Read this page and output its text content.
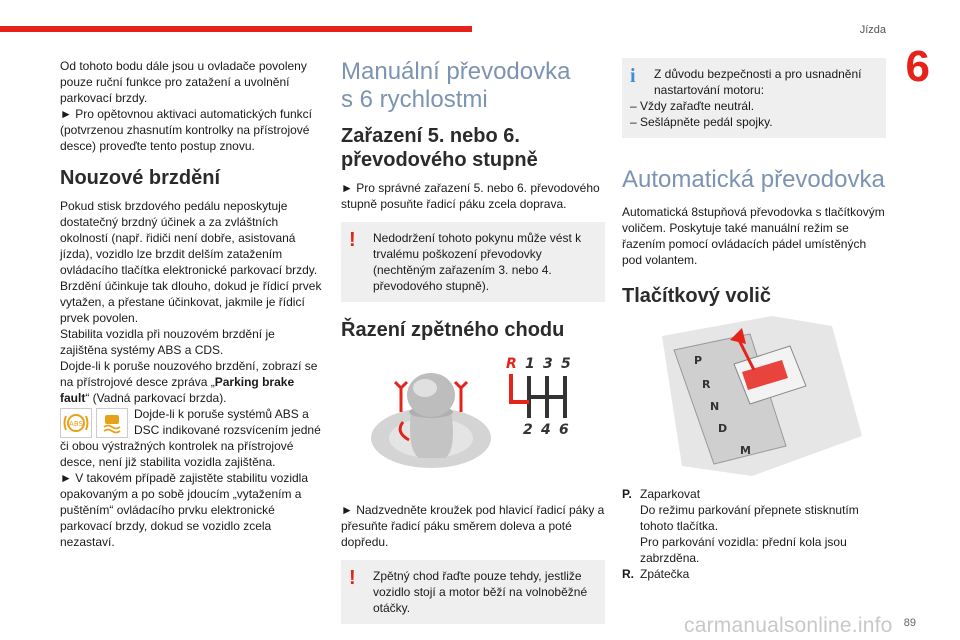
Jízda
6

Od tohoto bodu dále jsou u ovladače povoleny pouze ruční funkce pro zatažení a uvolnění parkovací brzdy.

► Pro opětovnou aktivaci automatických funkcí (potvrzenou zhasnutím kontrolky na přístrojové desce) proveďte tento postup znovu.

Nouzové brzdění

Pokud stisk brzdového pedálu neposkytuje dostatečný brzdný účinek a za zvláštních okolností (např. řidiči není dobře, asistovaná jízda), vozidlo lze brzdit delším zatažením ovládacího tlačítka elektronické parkovací brzdy.

Brzdění účinkuje tak dlouho, dokud je řídicí prvek vytažen, a přestane účinkovat, jakmile je řídicí prvek povolen.

Stabilita vozidla při nouzovém brzdění je zajištěna systémy ABS a CDS.

Dojde-li k poruše nouzového brzdění, zobrazí se na přístrojové desce zpráva „Parking brake fault“ (Vadná parkovací brzda).

ABS

Dojde-li k poruše systémů ABS a DSC indikované rozsvícením jedné či obou výstražných kontrolek na přístrojové desce, není již stabilita vozidla zajištěna.

► V takovém případě zajistěte stabilitu vozidla opakovaným a po sobě jdoucím „vytažením a puštěním“ ovládacího prvku elektronické parkovací brzdy, dokud se vozidlo zcela nezastaví.

Manuální převodovka s 6 rychlostmi
Zařazení 5. nebo 6. převodového stupně

► Pro správné zařazení 5. nebo 6. převodového stupně posuňte řadicí páku zcela doprava.

!	Nedodržení tohoto pokynu může vést k trvalému poškození převodovky (nechtěným zařazením 3. nebo 4. převodového stupně).

Řazení zpětného chodu
R 1 3 5
2 4 6

► Nadzvedněte kroužek pod hlavicí řadicí páky a přesuňte řadicí páku směrem doleva a poté dopředu.

!	Zpětný chod řaďte pouze tehdy, jestliže vozidlo stojí a motor běží na volnoběžné otáčky.

i	Z důvodu bezpečnosti a pro usnadnění nastartování motoru:

– Vždy zařaďte neutrál.

– Sešlápněte pedál spojky.

Automatická převodovka

Automatická 8stupňová převodovka s tlačítkovým voličem. Poskytuje také manuální režim se řazením pomocí ovládacích pádel umístěných pod volantem.

Tlačítkový volič
P
R
N
D
M

P. Zaparkovat

Do režimu parkování přepnete stisknutím tohoto tlačítka.

Pro parkování vozidla: přední kola jsou zabrzděna.

R. Zpátečka

carmanualsonline.info 89
